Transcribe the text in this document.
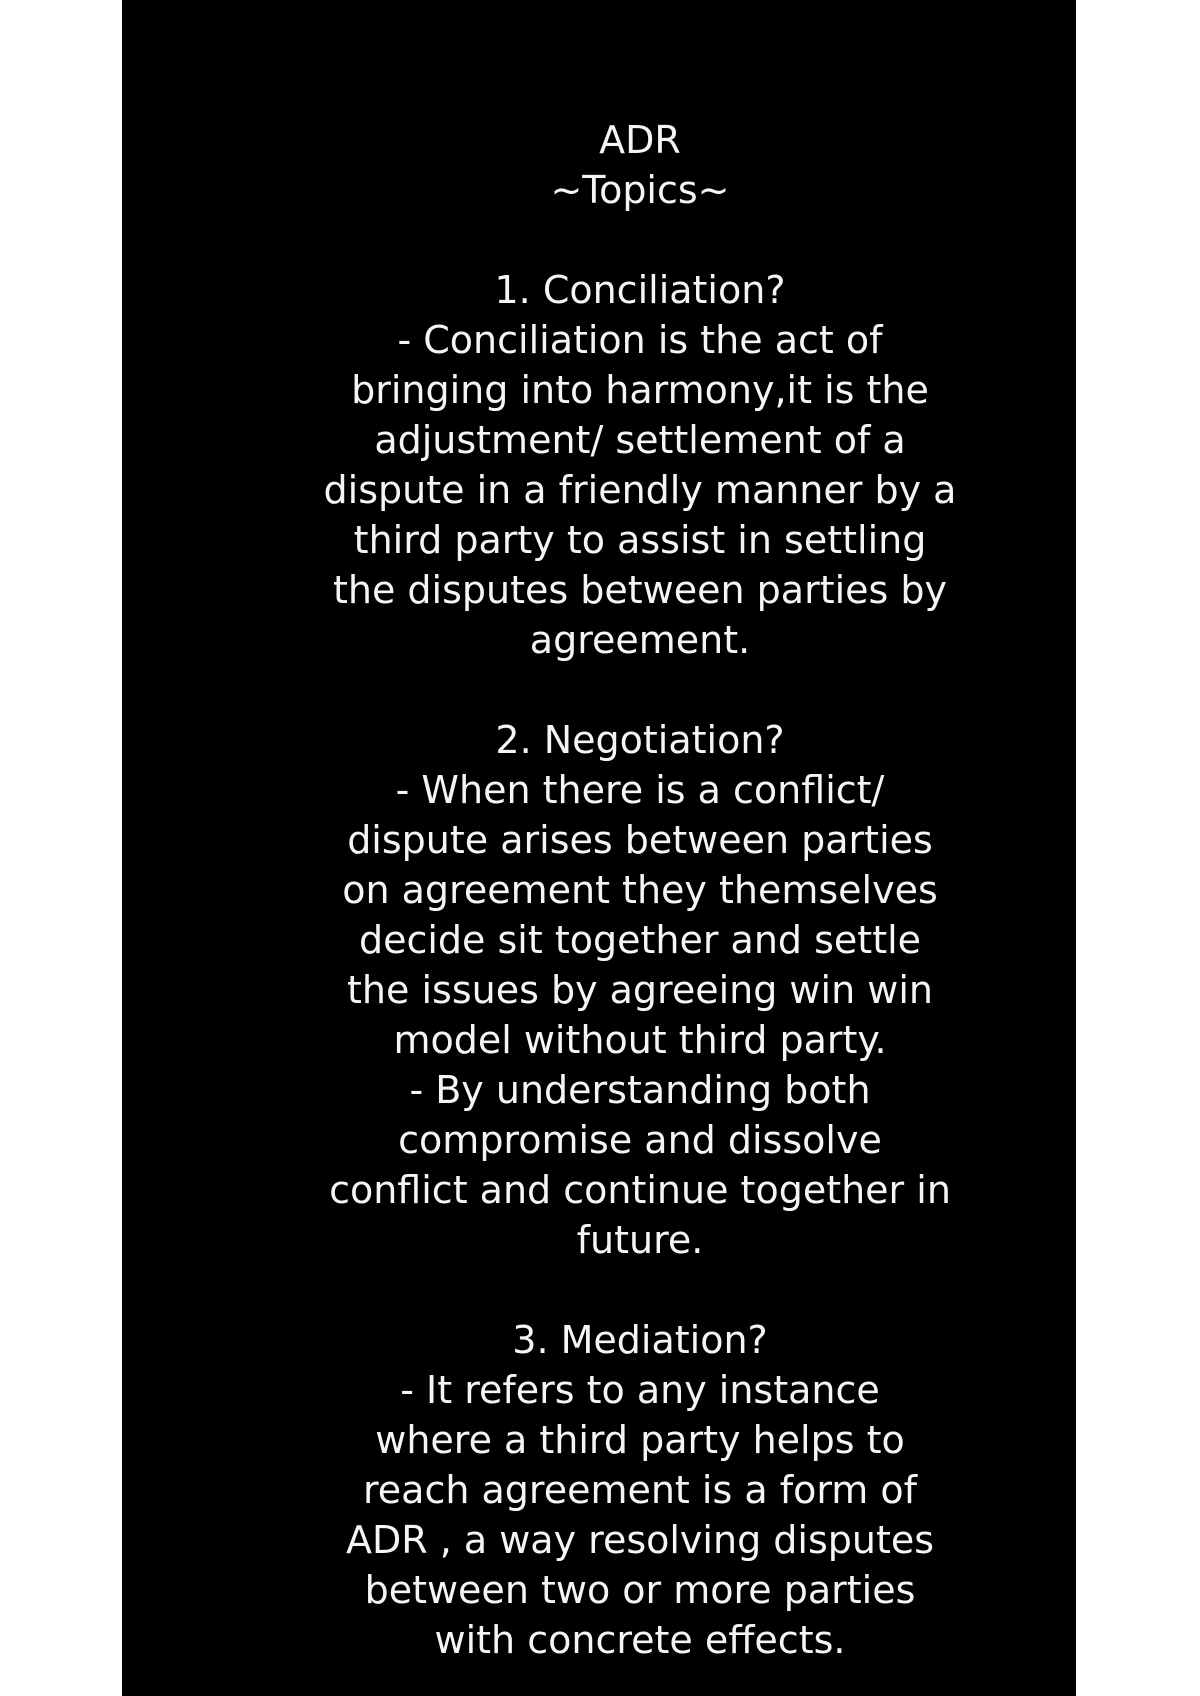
ADR
~Topics~
1. Conciliation?
- Conciliation is the act of
bringing into harmony,it is the
adjustment/ settlement of a
dispute in a friendly manner by a
third party to assist in settling
the disputes between parties by
agreement.
2. Negotiation?
- When there is a conflict/
dispute arises between parties
on agreement they themselves
decide sit together and settle
the issues by agreeing win win
model without third party.
- By understanding both
compromise and dissolve
conflict and continue together in
future.
3. Mediation?
- It refers to any instance
where a third party helps to
reach agreement is a form of
ADR , a way resolving disputes
between two or more parties
with concrete effects.
